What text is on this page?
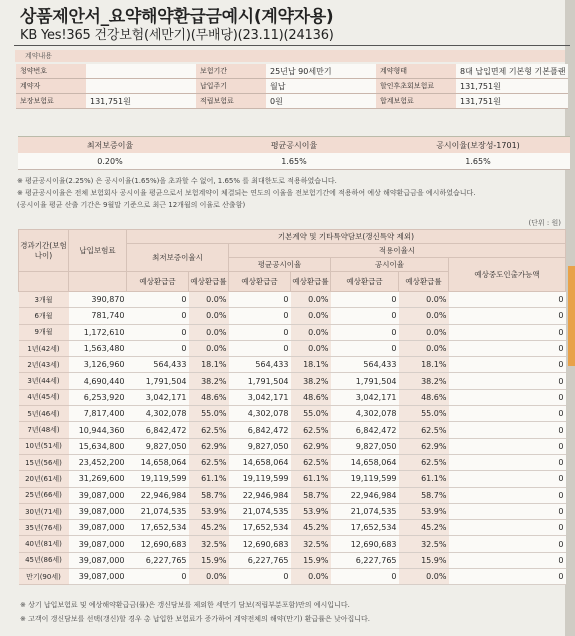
상품제안서_요약해약환급금예시(계약자용)
KB Yes!365 건강보험(세만기)(무배당)(23.11)(24136)
계약내용
청약번호		보험기간	25년납 90세만기	계약형태	8대 납입면제 기본형 기본플랜
계약자		납입주기	월납	할인후초회보험료	131,751원
보장보험료	131,751원	적립보험료	0원	합계보험료	131,751원
최저보증이율	평균공시이율	공시이율(보장성-1701)
0.20%	1.65%	1.65%
※ 평균공시이율(2.25%) 은 공시이율(1.65%)을 초과할 수 없어, 1.65% 를 최대한도로 적용하였습니다.
※ 평균공시이율은 전체 보험회사 공시이율 평균으로서 보험계약이 체결되는 연도의 이율을 전보험기간에 적용하여 예상 해약환급금을 예시하였습니다.
(공시이율 평균 산출 기간은 9월말 기준으로 최근 12개월의 이율로 산출함)
(단위 : 원)
경과기간(보험나이)	납입보험료	기본계약 및 기타특약담보(갱신특약 제외)						
		최저보증이율시		적용이율시				
				평균공시이율		공시이율		예상중도인출가능액
		예상환급금	예상환급률	예상환급금	예상환급률	예상환급금	예상환급률	
3개월	390,870	0	0.0%	0	0.0%	0	0.0%	0
6개월	781,740	0	0.0%	0	0.0%	0	0.0%	0
9개월	1,172,610	0	0.0%	0	0.0%	0	0.0%	0
1년(42세)	1,563,480	0	0.0%	0	0.0%	0	0.0%	0
2년(43세)	3,126,960	564,433	18.1%	564,433	18.1%	564,433	18.1%	0
3년(44세)	4,690,440	1,791,504	38.2%	1,791,504	38.2%	1,791,504	38.2%	0
4년(45세)	6,253,920	3,042,171	48.6%	3,042,171	48.6%	3,042,171	48.6%	0
5년(46세)	7,817,400	4,302,078	55.0%	4,302,078	55.0%	4,302,078	55.0%	0
7년(48세)	10,944,360	6,842,472	62.5%	6,842,472	62.5%	6,842,472	62.5%	0
10년(51세)	15,634,800	9,827,050	62.9%	9,827,050	62.9%	9,827,050	62.9%	0
15년(56세)	23,452,200	14,658,064	62.5%	14,658,064	62.5%	14,658,064	62.5%	0
20년(61세)	31,269,600	19,119,599	61.1%	19,119,599	61.1%	19,119,599	61.1%	0
25년(66세)	39,087,000	22,946,984	58.7%	22,946,984	58.7%	22,946,984	58.7%	0
30년(71세)	39,087,000	21,074,535	53.9%	21,074,535	53.9%	21,074,535	53.9%	0
35년(76세)	39,087,000	17,652,534	45.2%	17,652,534	45.2%	17,652,534	45.2%	0
40년(81세)	39,087,000	12,690,683	32.5%	12,690,683	32.5%	12,690,683	32.5%	0
45년(86세)	39,087,000	6,227,765	15.9%	6,227,765	15.9%	6,227,765	15.9%	0
만기(90세)	39,087,000	0	0.0%	0	0.0%	0	0.0%	0
※ 상기 납입보험료 및 예상해약환급금(률)은 갱신담보를 제외한 세만기 담보(적립부분포함)만의 예시입니다.
※ 고객이 갱신담보를 선택(갱신)할 경우 총 납입한 보험료가 증가하여 계약전체의 해약(만기) 환급률은 낮아집니다.
